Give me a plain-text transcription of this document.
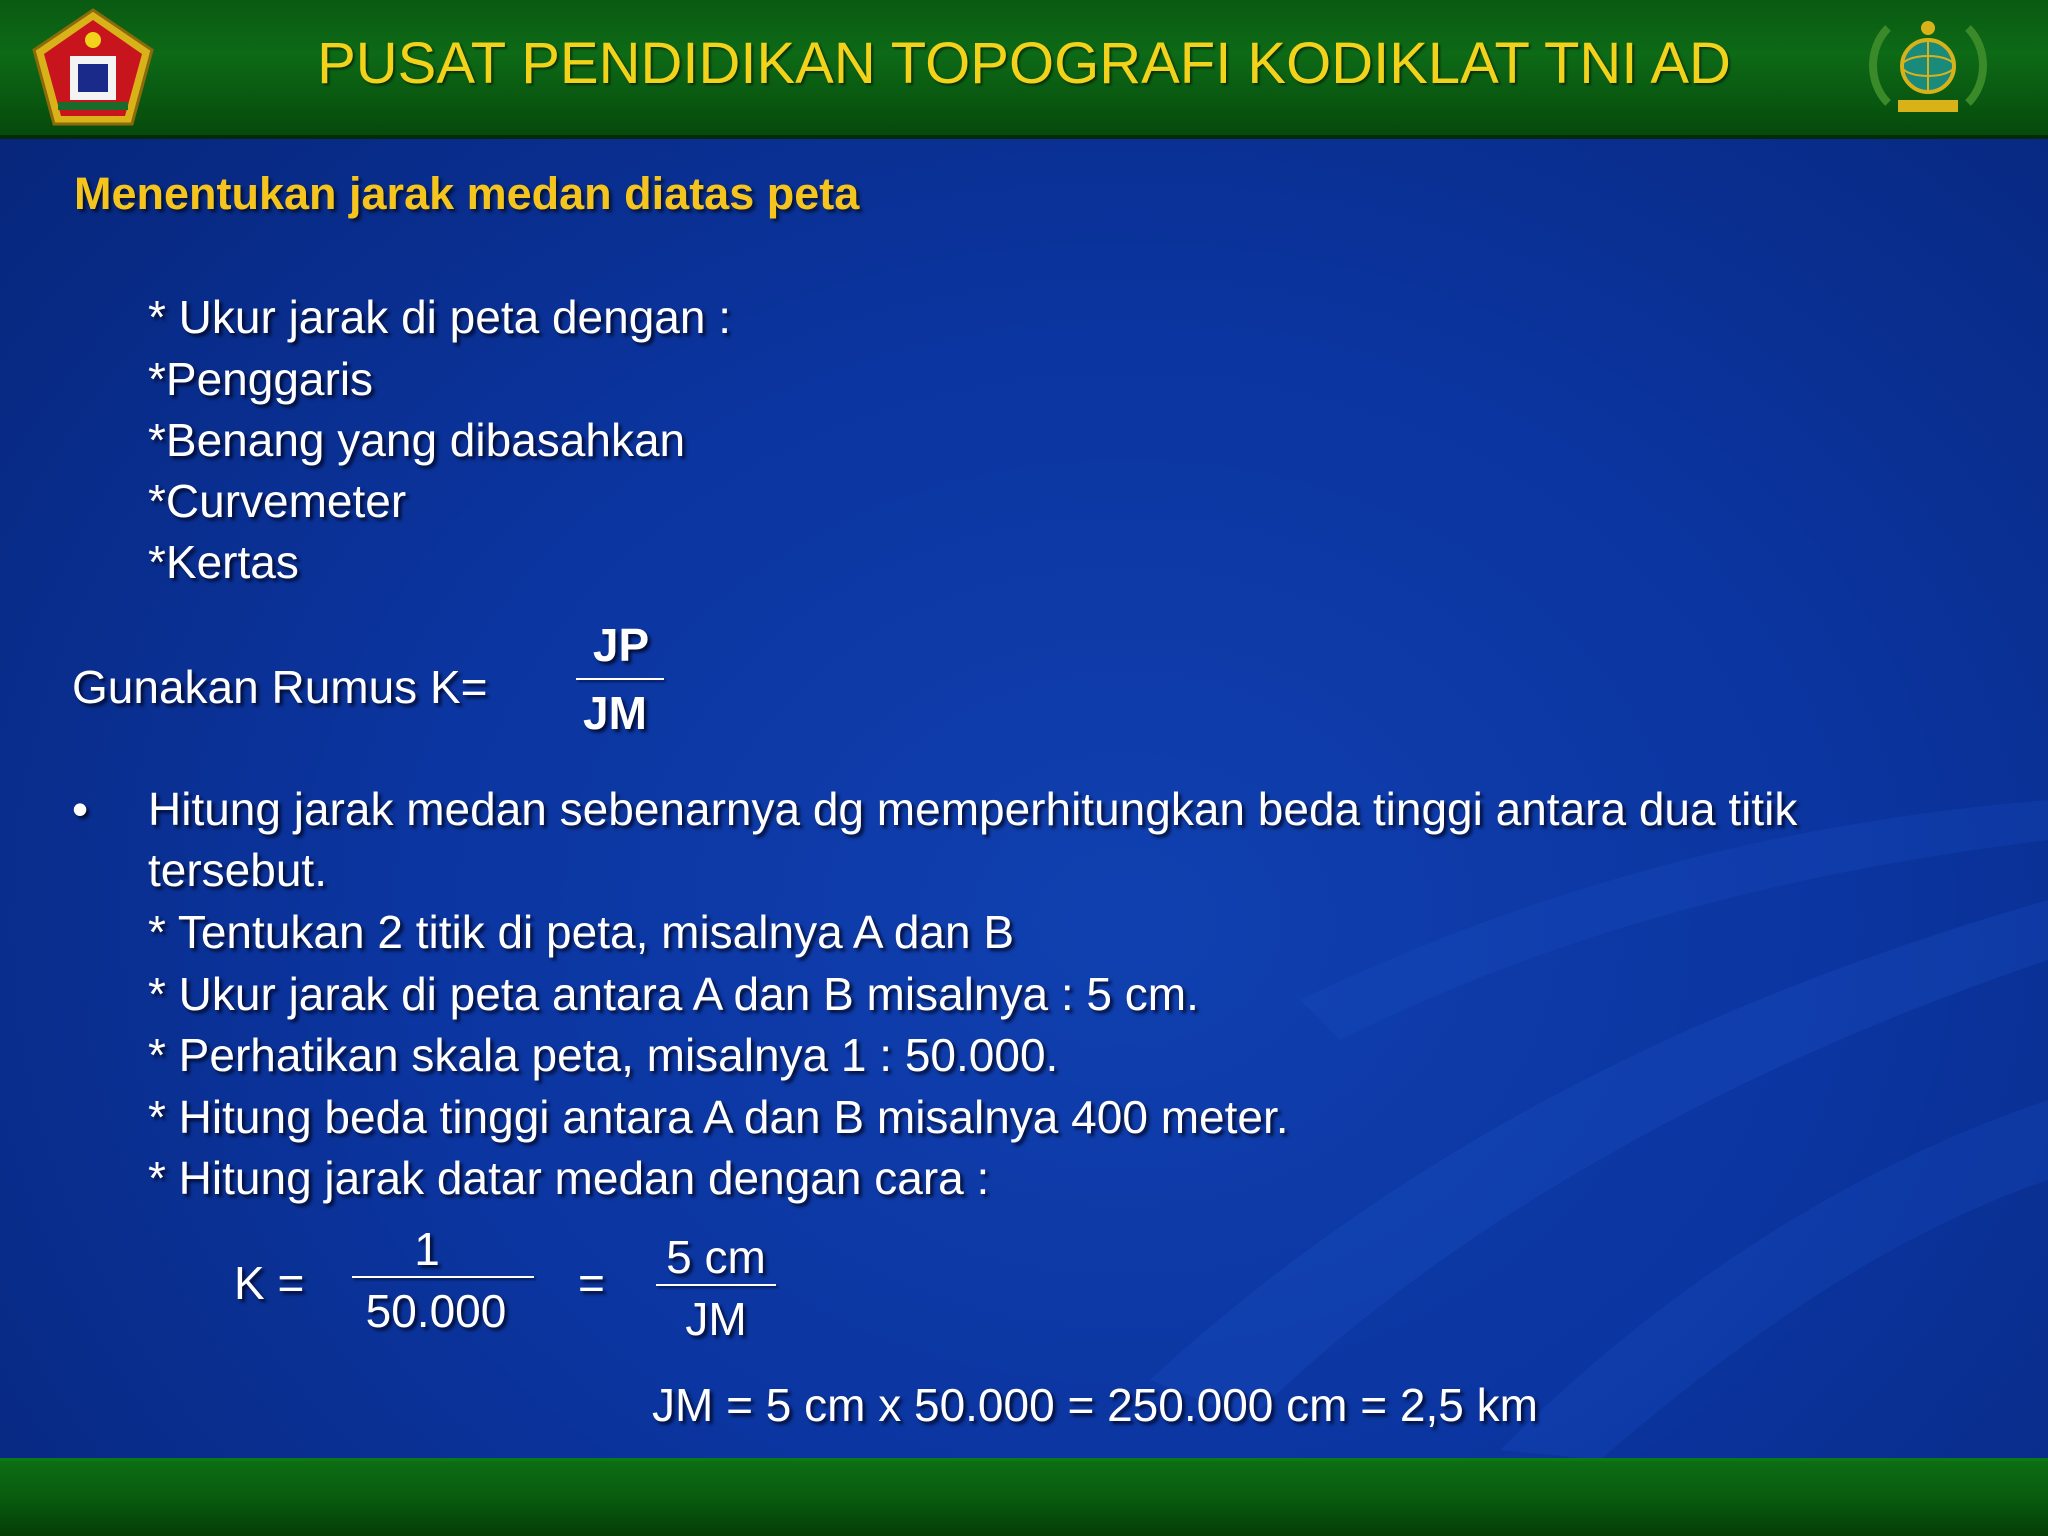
PUSAT PENDIDIKAN TOPOGRAFI KODIKLAT TNI AD
Menentukan jarak medan diatas peta
* Ukur jarak di peta dengan :
*Penggaris
*Benang yang dibasahkan
*Curvemeter
*Kertas
Gunakan Rumus K=
JP
JM
• Hitung jarak medan sebenarnya dg memperhitungkan beda tinggi antara dua titik
tersebut.
* Tentukan 2 titik di peta, misalnya A dan B
* Ukur jarak di peta antara A dan B misalnya : 5 cm.
* Perhatikan skala peta, misalnya 1 : 50.000.
* Hitung beda tinggi antara A dan B misalnya 400 meter.
* Hitung jarak datar medan dengan cara :
K =
1
50.000
= 5 cm
JM
JM = 5 cm x 50.000 = 250.000 cm = 2,5 km
